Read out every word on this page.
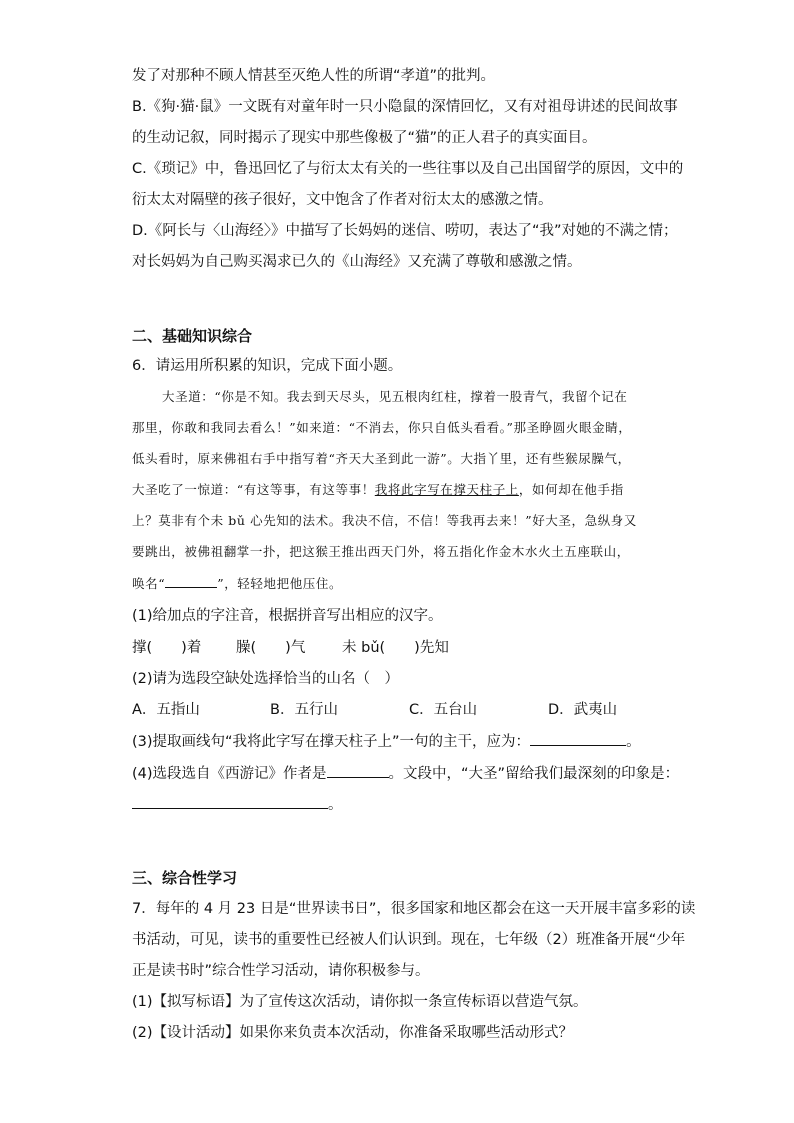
发了对那种不顾人情甚至灭绝人性的所谓“孝道”的批判。
B.《狗·猫·鼠》一文既有对童年时一只小隐鼠的深情回忆，又有对祖母讲述的民间故事
的生动记叙，同时揭示了现实中那些像极了“猫”的正人君子的真实面目。
C.《琐记》中，鲁迅回忆了与衍太太有关的一些往事以及自己出国留学的原因，文中的
衍太太对隔壁的孩子很好，文中饱含了作者对衍太太的感激之情。
D.《阿长与〈山海经〉》中描写了长妈妈的迷信、唠叨，表达了“我”对她的不满之情；
对长妈妈为自己购买渴求已久的《山海经》又充满了尊敬和感激之情。
二、基础知识综合
6．请运用所积累的知识，完成下面小题。
大圣道：“你是不知。我去到天尽头，见五根肉红柱，撑着一股青气，我留个记在
那里，你敢和我同去看么！”如来道：“不消去，你只自低头看看。”那圣睁圆火眼金睛，
低头看时，原来佛祖右手中指写着“齐天大圣到此一游”。大指丫里，还有些猴尿臊气，
大圣吃了一惊道：“有这等事，有这等事！我将此字写在撑天柱子上，如何却在他手指
上？莫非有个未 bǔ 心先知的法术。我决不信，不信！等我再去来！”好大圣，急纵身又
要跳出，被佛祖翻掌一扑，把这猴王推出西天门外，将五指化作金木水火土五座联山，
唤名“	”，轻轻地把他压住。
(1)给加点的字注音，根据拼音写出相应的汉字。
撑(　　)着 臊(　　)气	未 bǔ(　　)先知
(2)请为选段空缺处选择恰当的山名（　）
A．五指山	B．五行山	C．五台山	D．武夷山
(3)提取画线句“我将此字写在撑天柱子上”一句的主干，应为：	。
(4)选段选自《西游记》作者是	。文段中，“大圣”留给我们最深刻的印象是：
。
三、综合性学习
7．每年的 4 月 23 日是“世界读书日”，很多国家和地区都会在这一天开展丰富多彩的读
书活动，可见，读书的重要性已经被人们认识到。现在，七年级（2）班准备开展“少年
正是读书时”综合性学习活动，请你积极参与。
(1)【拟写标语】为了宣传这次活动，请你拟一条宣传标语以营造气氛。
(2)【设计活动】如果你来负责本次活动，你准备采取哪些活动形式？
